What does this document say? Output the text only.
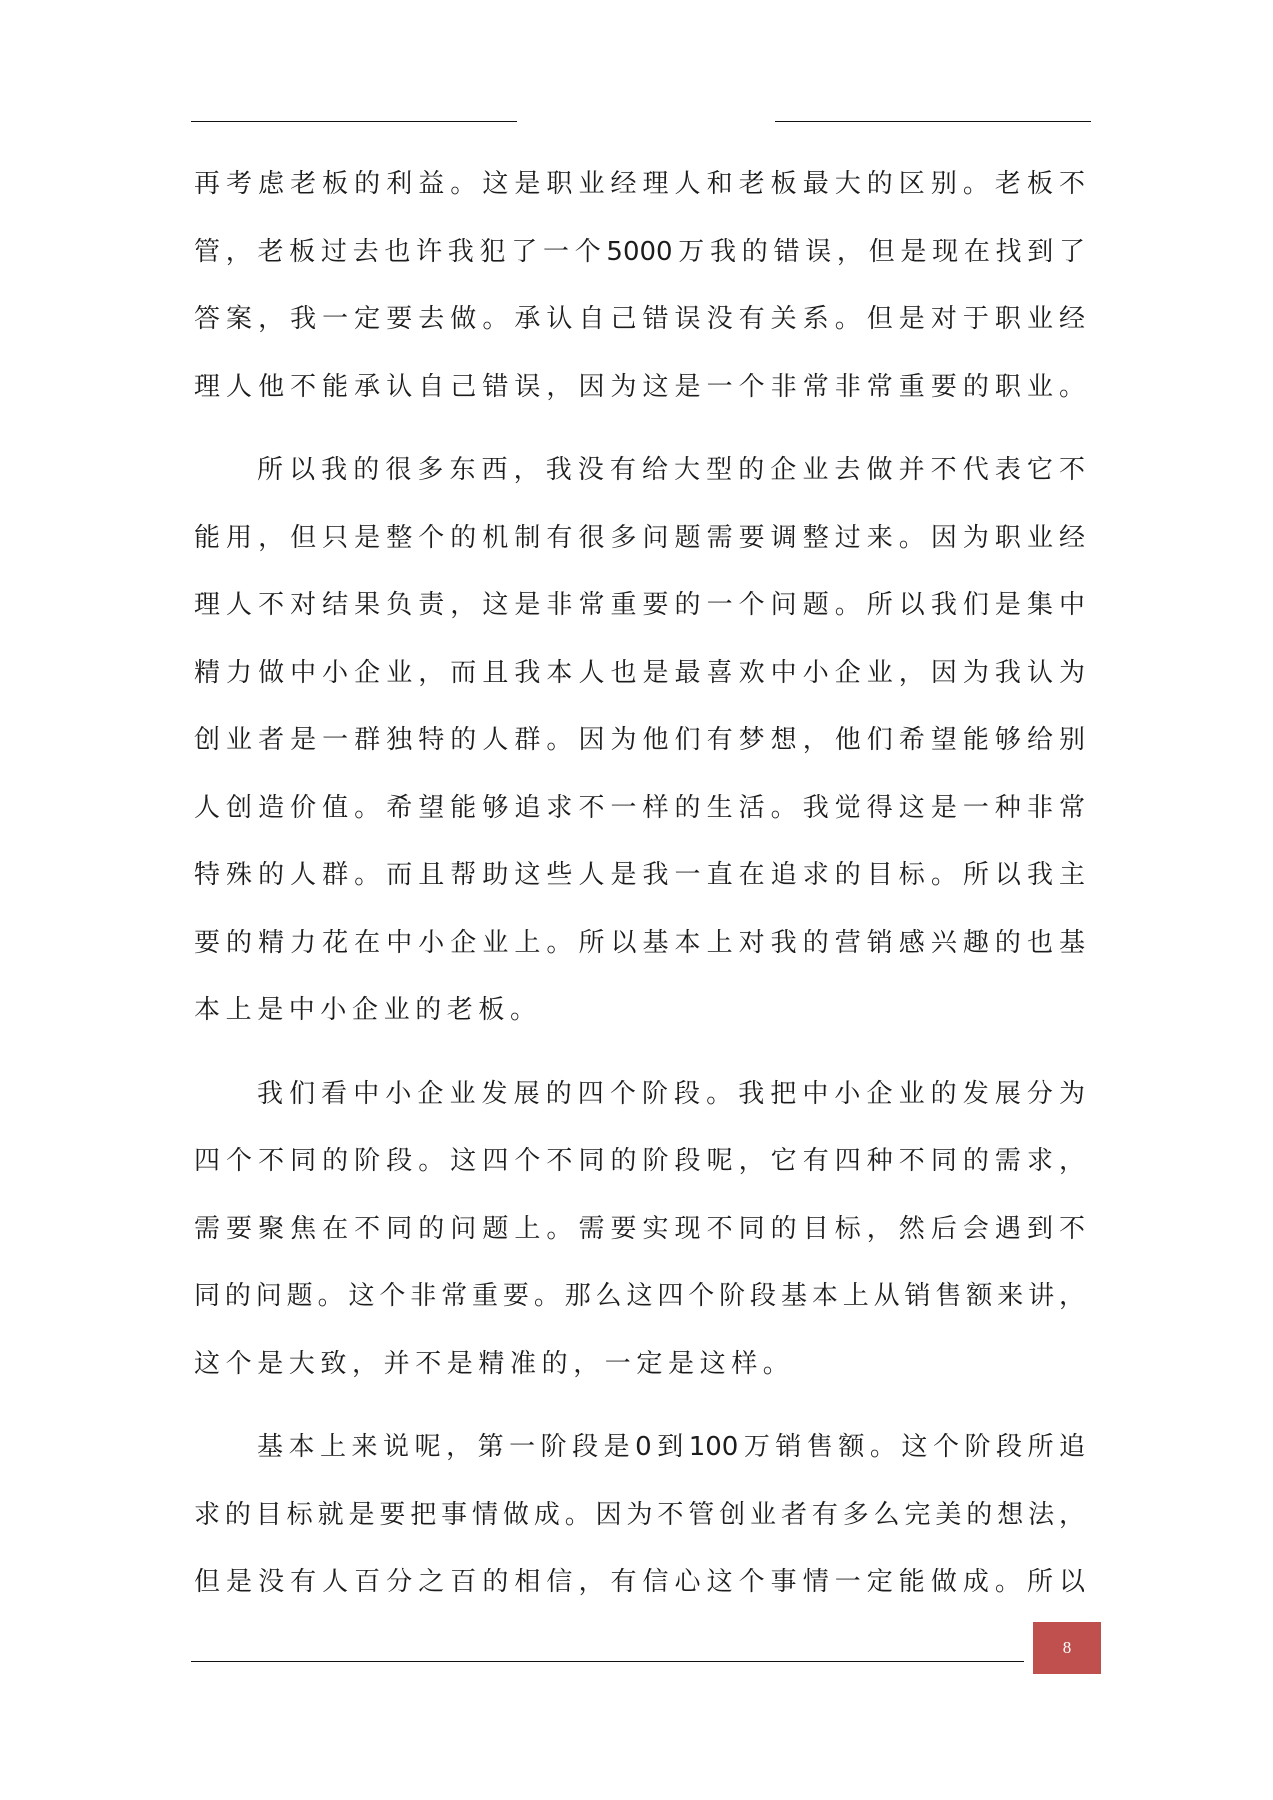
再考虑老板的利益。这是职业经理人和老板最大的区别。老板不
管，老板过去也许我犯了一个5000万我的错误，但是现在找到了
答案，我一定要去做。承认自己错误没有关系。但是对于职业经
理人他不能承认自己错误，因为这是一个非常非常重要的职业。
所以我的很多东西，我没有给大型的企业去做并不代表它不
能用，但只是整个的机制有很多问题需要调整过来。因为职业经
理人不对结果负责，这是非常重要的一个问题。所以我们是集中
精力做中小企业，而且我本人也是最喜欢中小企业，因为我认为
创业者是一群独特的人群。因为他们有梦想，他们希望能够给别
人创造价值。希望能够追求不一样的生活。我觉得这是一种非常
特殊的人群。而且帮助这些人是我一直在追求的目标。所以我主
要的精力花在中小企业上。所以基本上对我的营销感兴趣的也基
本上是中小企业的老板。
我们看中小企业发展的四个阶段。我把中小企业的发展分为
四个不同的阶段。这四个不同的阶段呢，它有四种不同的需求，
需要聚焦在不同的问题上。需要实现不同的目标，然后会遇到不
同的问题。这个非常重要。那么这四个阶段基本上从销售额来讲，
这个是大致，并不是精准的，一定是这样。
基本上来说呢，第一阶段是0到100万销售额。这个阶段所追
求的目标就是要把事情做成。因为不管创业者有多么完美的想法，
但是没有人百分之百的相信，有信心这个事情一定能做成。所以
8
